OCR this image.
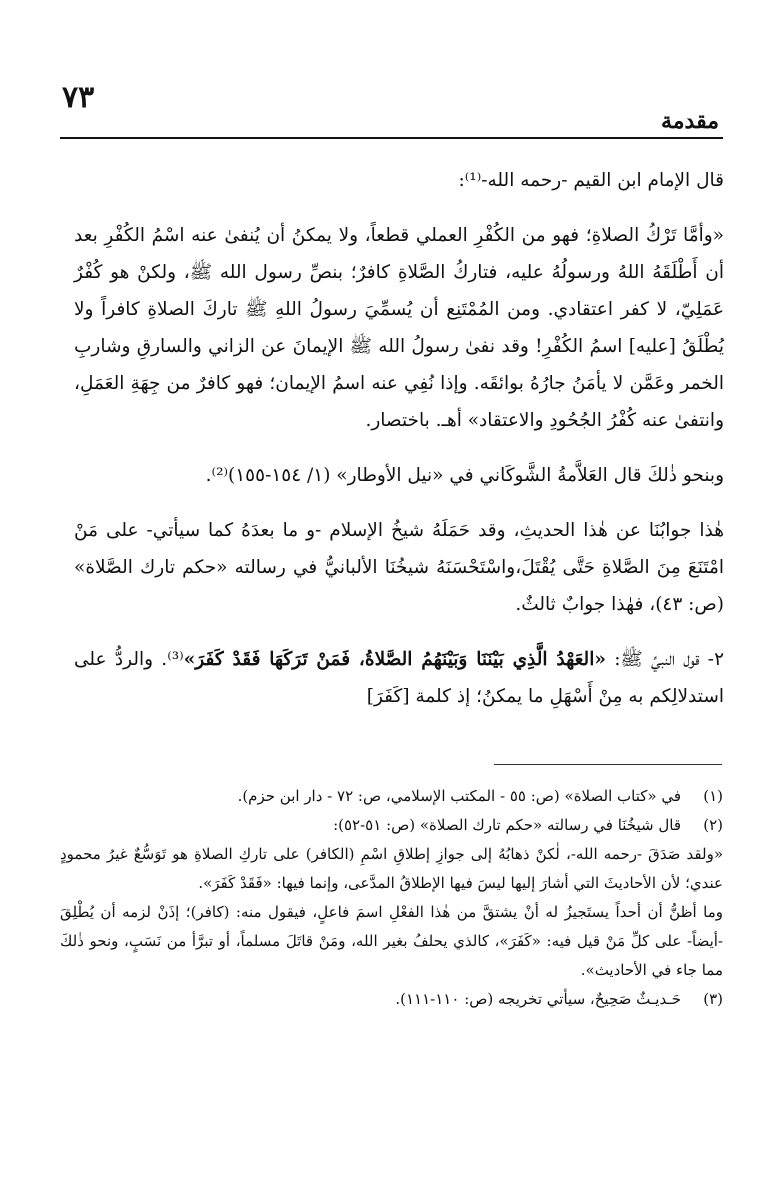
٧٣
مقدمة

قال الإمام ابن القيم -رحمه الله-⁽¹⁾:

«وأمَّا تَرْكُ الصلاةِ؛ فهو من الكُفْرِ العملي قطعاً، ولا يمكنُ أن يُنفىٰ عنه اسْمُ الكُفْرِ بعد أن أَطْلَقَهُ اللهُ ورسولُهُ عليه، فتاركُ الصَّلاةِ كافرٌ؛ بنصِّ رسول الله ﷺ، ولكنْ هو كُفْرٌ عَمَلِيّ، لا كفر اعتقادي. ومن المُمْتَنِع أن يُسمِّيَ رسولُ اللهِ ﷺ تاركَ الصلاةِ كافراً ولا يُطْلَقُ [عليه] اسمُ الكُفْرِ! وقد نفىٰ رسولُ الله ﷺ الإيمانَ عن الزاني والسارقِ وشاربِ الخمر وعَمَّن لا يأمَنُ جارُهُ بوائقَه. وإذا نُفِي عنه اسمُ الإيمان؛ فهو كافرٌ من جِهَةِ العَمَلِ، وانتفىٰ عنه كُفْرُ الجُحُودِ والاعتقاد» أهـ. باختصار.

وبنحو ذٰلكَ قال العَلاَّمةُ الشَّوكَاني في «نيل الأوطار» (١/ ١٥٤-١٥٥)⁽²⁾.

هٰذا جوابُنَا عن هٰذا الحديثِ، وقد حَمَلَهُ شيخُ الإسلام -و ما بعدَهُ كما سيأتي- على مَنْ امْتَنَعَ مِنَ الصَّلاةِ حَتَّى يُقْتَلَ،واسْتَحْسَنَهُ شيخُنَا الألبانيُّ في رسالته «حكم تارك الصَّلاة» (ص: ٤٣)، فهٰذا جوابٌ ثالثٌ.

٢- قول النبيِّ ﷺ: «العَهْدُ الَّذِي بَيْنَنَا وَبَيْنَهُمُ الصَّلاةُ، فَمَنْ تَرَكَهَا فَقَدْ كَفَرَ»⁽³⁾. والردُّ على استدلالِكم به مِنْ أَسْهَلِ ما يمكنُ؛ إذ كلمة [كَفَرَ]

(١)
في «كتاب الصلاة» (ص: ٥٥ - المكتب الإسلامي، ص: ٧٢ - دار ابن حزم).
(٢)
قال شيخُنَا في رسالته «حكم تارك الصلاة» (ص: ٥١-٥٢):

«ولقد صَدَقَ -رحمه الله-، لٰكنْ ذهابُهُ إلى جوازِ إطلاقِ اسْمِ (الكافر) على تاركِ الصلاةِ هو تَوَسُّعٌ غيرُ محمودٍ عندي؛ لأن الأحاديثَ التي أشارَ إليها ليسَ فيها الإطلاقُ المدَّعى، وإنما فيها: «فَقَدْ كَفَرَ».

وما أظنُّ أن أحداً يستَجيزُ له أنْ يشتقَّ من هٰذا الفعْلِ اسمَ فاعلٍ، فيقول منه: (كافر)؛ إذَنْ لزمه أن يُطْلِقَ -أيضاً- على كلِّ مَنْ قيل فيه: «كَفَرَ»، كالذي يحلفُ بغير الله، ومَنْ قاتَلَ مسلماً، أو تبرَّأ من نَسَبٍ، ونحو ذٰلكَ مما جاء في الأحاديث».

(٣)
حَـديـثٌ صَحِيحٌ، سيأتي تخريجه (ص: ١١٠-١١١).
